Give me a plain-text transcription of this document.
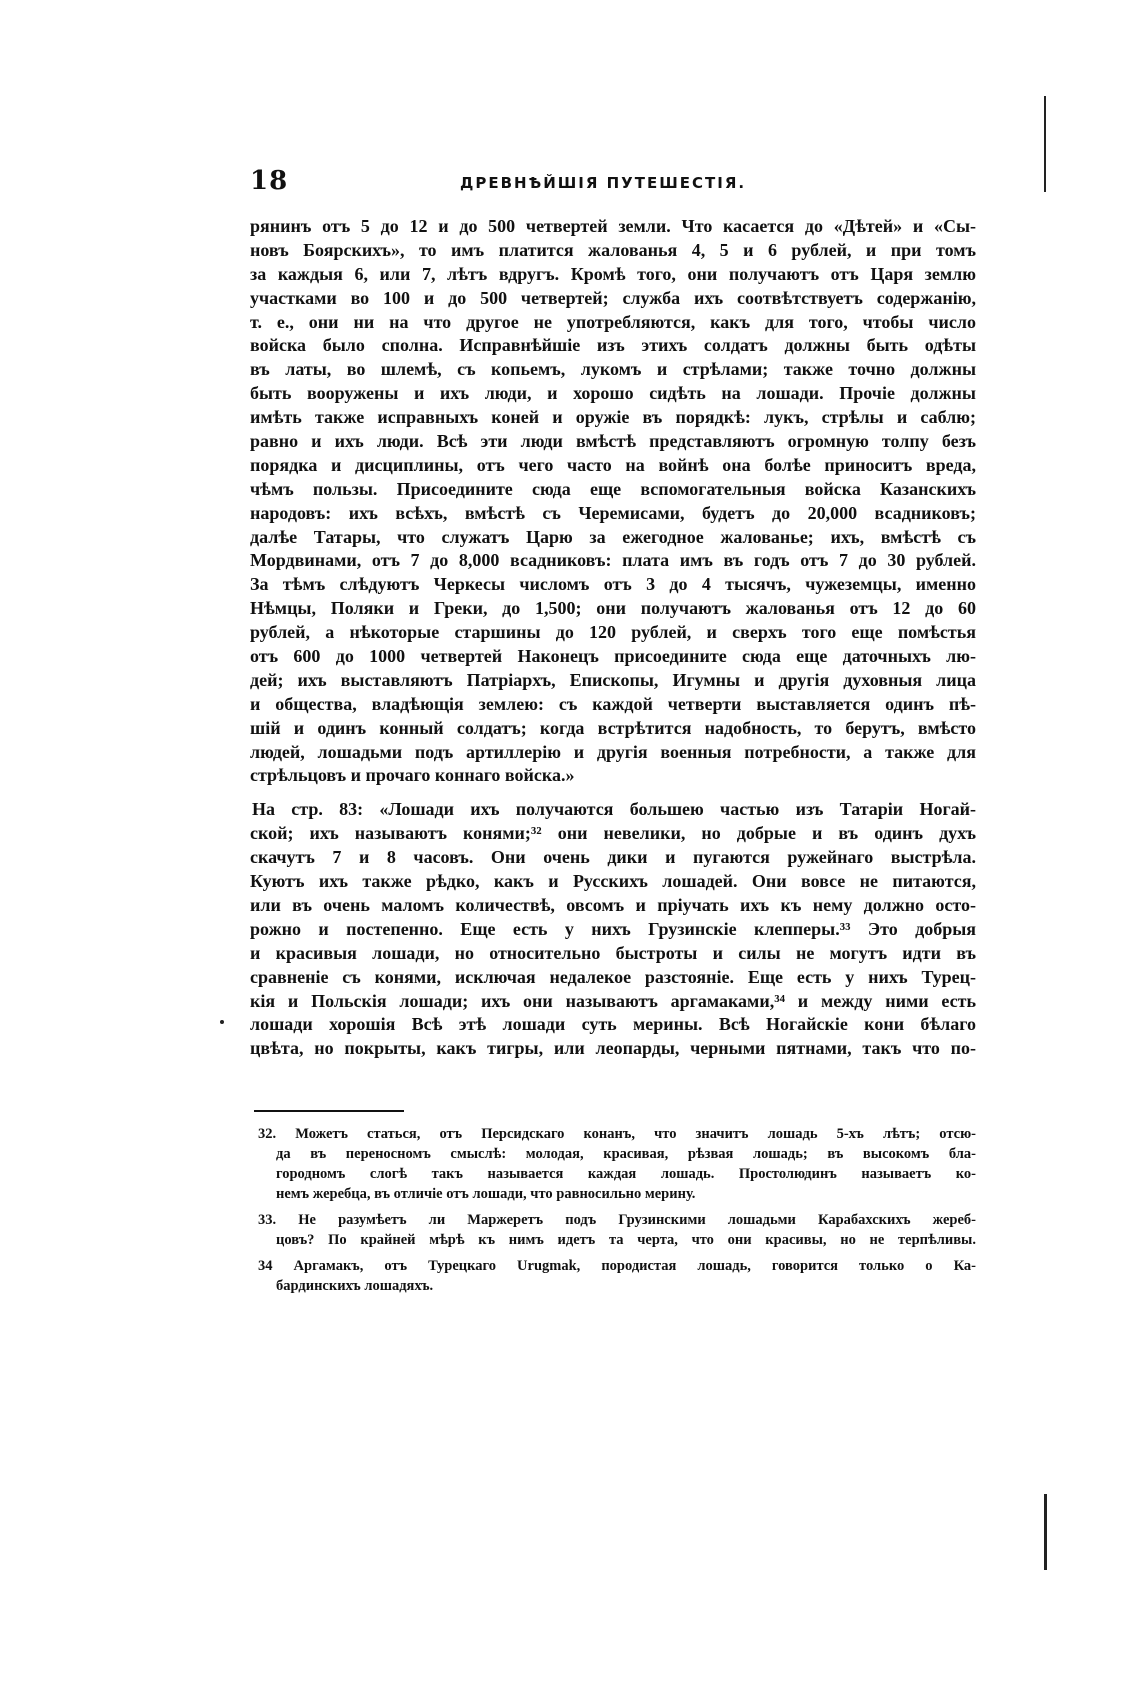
18	ДРЕВНѢЙШІЯ ПУТЕШЕСТІЯ.

рянинъ отъ 5 до 12 и до 500 четвертей земли. Что касается до «Дѣтей» и «Сы-
новъ Боярскихъ», то имъ платится жалованья 4, 5 и 6 рублей, и при томъ
за каждыя 6, или 7, лѣтъ вдругъ. Кромѣ того, они получаютъ отъ Царя землю
участками во 100 и до 500 четвертей; служба ихъ соотвѣтствуетъ содержанію,
т. е., они ни на что другое не употребляются, какъ для того, чтобы число
войска было сполна. Исправнѣйшіе изъ этихъ солдатъ должны быть одѣты
въ латы, во шлемѣ, съ копьемъ, лукомъ и стрѣлами; также точно должны
быть вооружены и ихъ люди, и хорошо сидѣть на лошади. Прочіе должны
имѣть также исправныхъ коней и оружіе въ порядкѣ: лукъ, стрѣлы и саблю;
равно и ихъ люди. Всѣ эти люди вмѣстѣ представляютъ огромную толпу безъ
порядка и дисциплины, отъ чего часто на войнѣ она болѣе приноситъ вреда,
чѣмъ пользы. Присоедините сюда еще вспомогательныя войска Казанскихъ
народовъ: ихъ всѣхъ, вмѣстѣ съ Черемисами, будетъ до 20,000 всадниковъ;
далѣе Татары, что служатъ Царю за ежегодное жалованье; ихъ, вмѣстѣ съ
Мордвинами, отъ 7 до 8,000 всадниковъ: плата имъ въ годъ отъ 7 до 30 рублей.
За тѣмъ слѣдуютъ Черкесы числомъ отъ 3 до 4 тысячъ, чужеземцы, именно
Нѣмцы, Поляки и Греки, до 1,500; они получаютъ жалованья отъ 12 до 60
рублей, а нѣкоторые старшины до 120 рублей, и сверхъ того еще помѣстья
отъ 600 до 1000 четвертей Наконецъ присоедините сюда еще даточныхъ лю-
дей; ихъ выставляютъ Патріархъ, Епископы, Игумны и другія духовныя лица
и общества, владѣющія землею: съ каждой четверти выставляется одинъ пѣ-
шій и одинъ конный солдатъ; когда встрѣтится надобность, то берутъ, вмѣсто
людей, лошадьми подъ артиллерію и другія военныя потребности, а также для
стрѣльцовъ и прочаго коннаго войска.»

На стр. 83: «Лошади ихъ получаются большею частью изъ Татаріи Ногай-
ской; ихъ называютъ конями;³² они невелики, но добрые и въ одинъ духъ
скачутъ 7 и 8 часовъ. Они очень дики и пугаются ружейнаго выстрѣла.
Куютъ ихъ также рѣдко, какъ и Русскихъ лошадей. Они вовсе не питаются,
или въ очень маломъ количествѣ, овсомъ и пріучать ихъ къ нему должно осто-
рожно и постепенно. Еще есть у нихъ Грузинскіе клепперы.³³ Это добрыя
и красивыя лошади, но относительно быстроты и силы не могутъ идти въ
сравненіе съ конями, исключая недалекое разстояніе. Еще есть у нихъ Турец-
кія и Польскія лошади; ихъ они называютъ аргамаками,³⁴ и между ними есть
лошади хорошія Всѣ этѣ лошади суть мерины. Всѣ Ногайскіе кони бѣлаго
цвѣта, но покрыты, какъ тигры, или леопарды, черными пятнами, такъ что по-

32. Можетъ статься, отъ Персидскаго конанъ, что значитъ лошадь 5-хъ лѣтъ; отсю-
да въ переносномъ смыслѣ: молодая, красивая, рѣзвая лошадь; въ высокомъ бла-
городномъ слогѣ такъ называется каждая лошадь. Простолюдинъ называетъ ко-
немъ жеребца, въ отличіе отъ лошади, что равносильно мерину.
33. Не разумѣетъ ли Маржеретъ подъ Грузинскими лошадьми Карабахскихъ жереб-
цовъ? По крайней мѣрѣ къ нимъ идетъ та черта, что они красивы, но не терпѣливы.
34 Аргамакъ, отъ Турецкаго Urugmak, породистая лошадь, говорится только о Ка-
бардинскихъ лошадяхъ.
